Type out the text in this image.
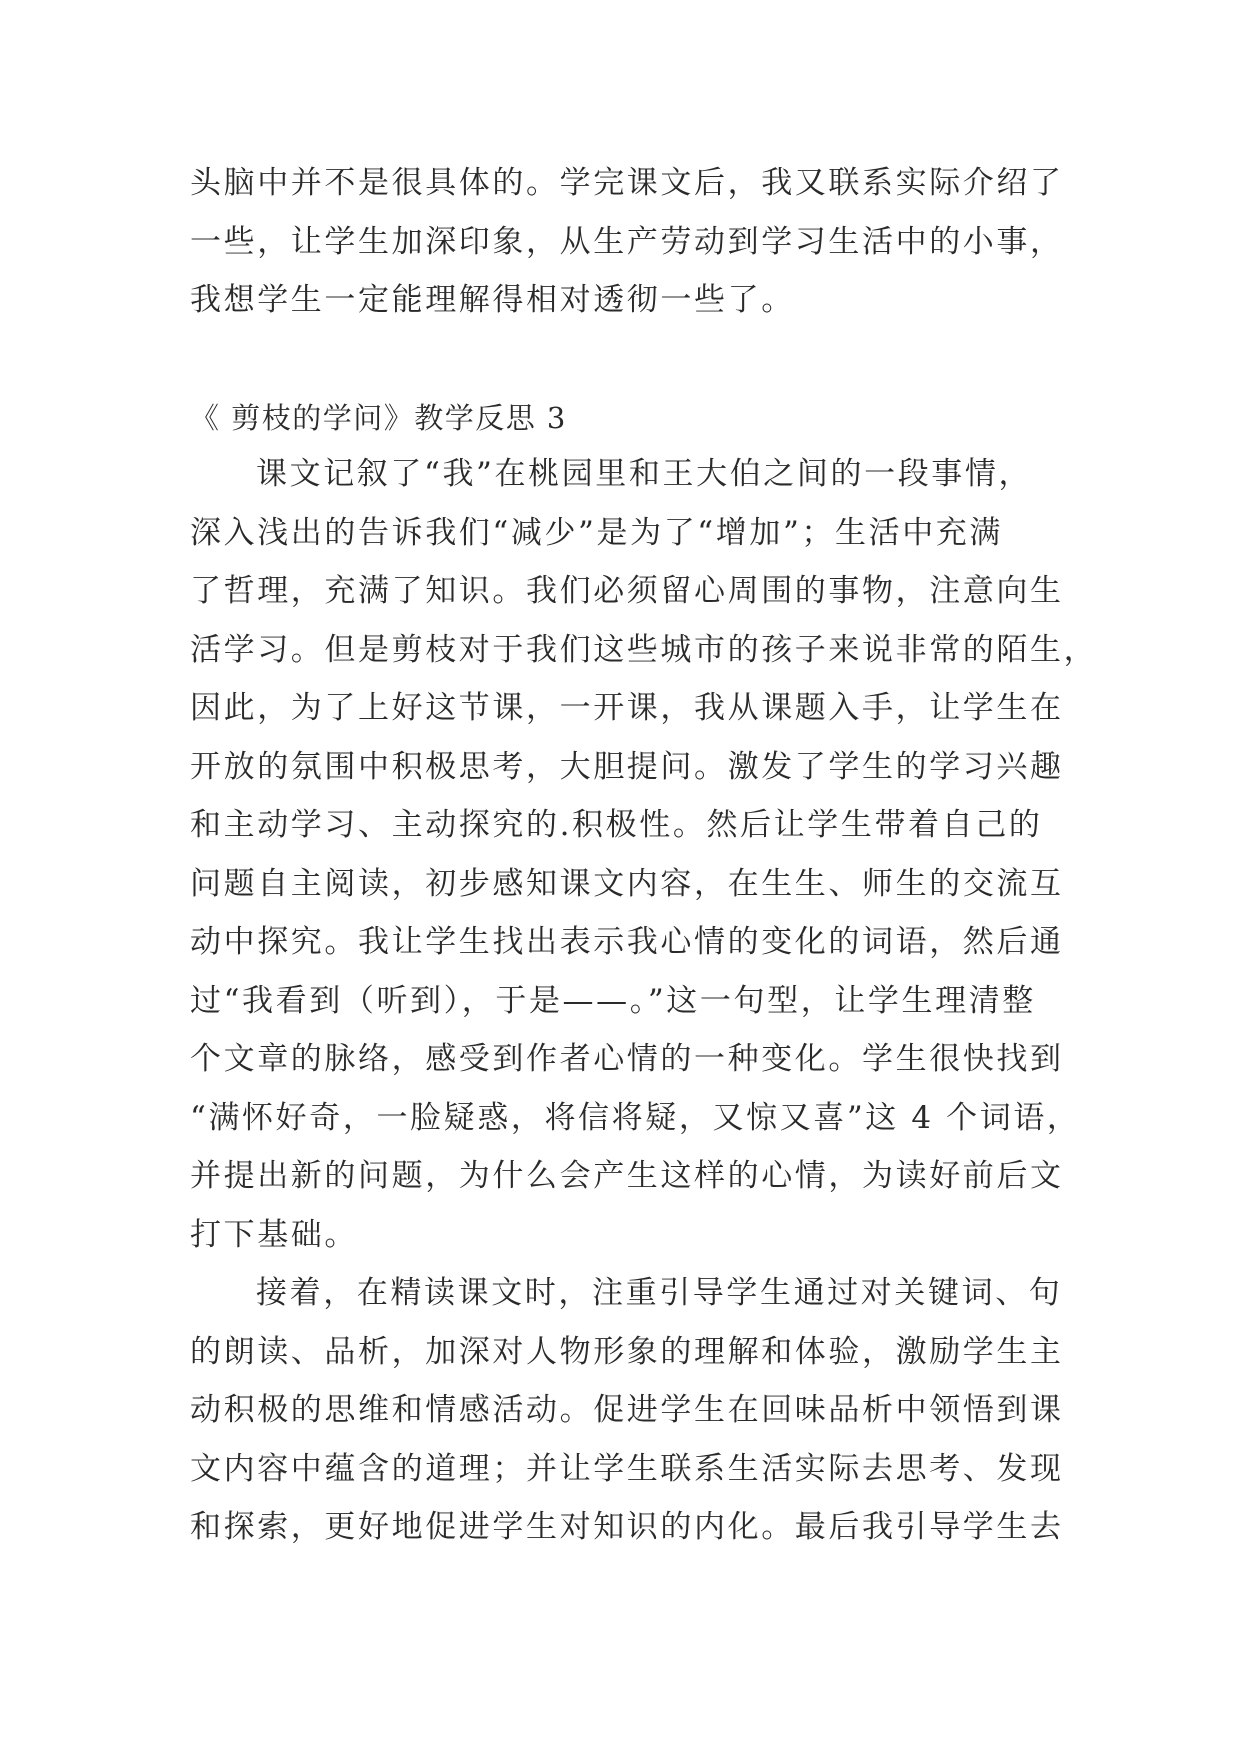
头脑中并不是很具体的。学完课文后，我又联系实际介绍了
一些，让学生加深印象，从生产劳动到学习生活中的小事，
我想学生一定能理解得相对透彻一些了。
《 剪枝的学问》教学反思 3
课文记叙了“我”在桃园里和王大伯之间的一段事情，
深入浅出的告诉我们“减少”是为了“增加”；生活中充满
了哲理，充满了知识。我们必须留心周围的事物，注意向生
活学习。但是剪枝对于我们这些城市的孩子来说非常的陌生，
因此，为了上好这节课，一开课，我从课题入手，让学生在
开放的氛围中积极思考，大胆提问。激发了学生的学习兴趣
和主动学习、主动探究的.积极性。然后让学生带着自己的
问题自主阅读，初步感知课文内容，在生生、师生的交流互
动中探究。我让学生找出表示我心情的变化的词语，然后通
过“我看到（听到），于是——。”这一句型，让学生理清整
个文章的脉络，感受到作者心情的一种变化。学生很快找到
“满怀好奇，一脸疑惑，将信将疑，又惊又喜”这 4 个词语，
并提出新的问题，为什么会产生这样的心情，为读好前后文
打下基础。
接着，在精读课文时，注重引导学生通过对关键词、句
的朗读、品析，加深对人物形象的理解和体验，激励学生主
动积极的思维和情感活动。促进学生在回味品析中领悟到课
文内容中蕴含的道理；并让学生联系生活实际去思考、发现
和探索，更好地促进学生对知识的内化。最后我引导学生去
